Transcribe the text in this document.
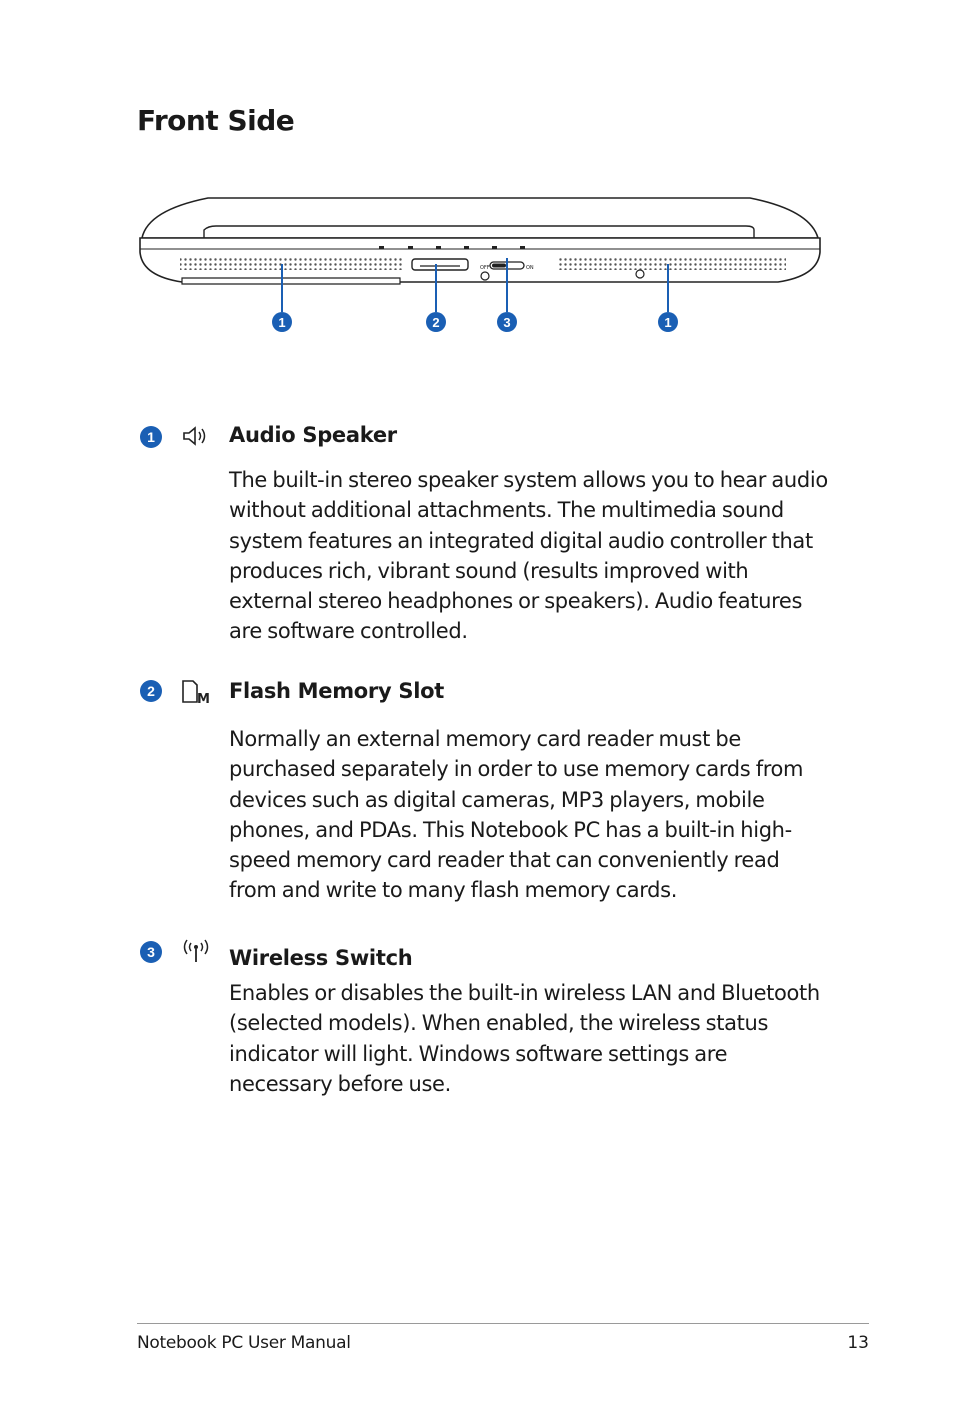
Front Side
OFF	ON
1	2	3	1
1	Audio Speaker

The built-in stereo speaker system allows you to hear audio without additional attachments. The multimedia sound system features an integrated digital audio controller that produces rich, vibrant sound (results improved with external stereo headphones or speakers). Audio features are software controlled.

2
M Flash Memory Slot

Normally an external memory card reader must be purchased separately in order to use memory cards from devices such as digital cameras, MP3 players, mobile phones, and PDAs. This Notebook PC has a built-in high-speed memory card reader that can conveniently read from and write to many flash memory cards.

3	Wireless Switch

Enables or disables the built-in wireless LAN and Bluetooth (selected models). When enabled, the wireless status indicator will light. Windows software settings are necessary before use.

Notebook PC User Manual	13
